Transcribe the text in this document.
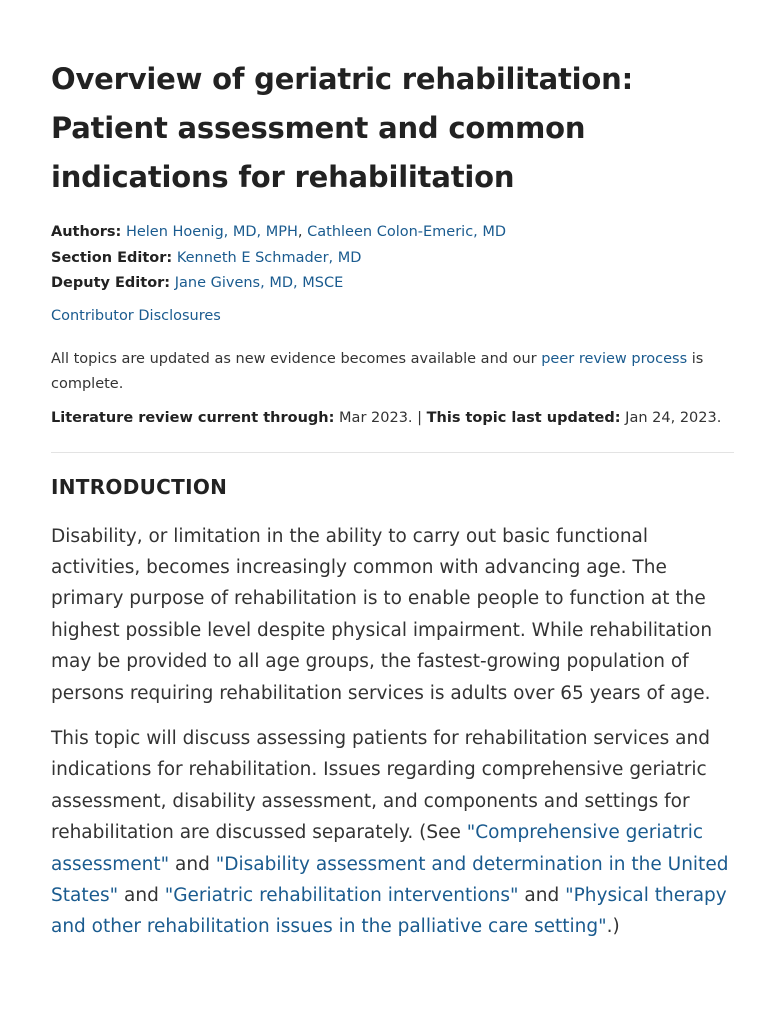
Overview of geriatric rehabilitation: Patient assessment and common indications for rehabilitation
Authors: Helen Hoenig, MD, MPH, Cathleen Colon-Emeric, MD
Section Editor: Kenneth E Schmader, MD
Deputy Editor: Jane Givens, MD, MSCE
Contributor Disclosures
All topics are updated as new evidence becomes available and our peer review process is complete.
Literature review current through: Mar 2023. | This topic last updated: Jan 24, 2023.
INTRODUCTION

Disability, or limitation in the ability to carry out basic functional activities, becomes increasingly common with advancing age. The primary purpose of rehabilitation is to enable people to function at the highest possible level despite physical impairment. While rehabilitation may be provided to all age groups, the fastest-growing population of persons requiring rehabilitation services is adults over 65 years of age.

This topic will discuss assessing patients for rehabilitation services and indications for rehabilitation. Issues regarding comprehensive geriatric assessment, disability assessment, and components and settings for rehabilitation are discussed separately. (See "Comprehensive geriatric assessment" and "Disability assessment and determination in the United States" and "Geriatric rehabilitation interventions" and "Physical therapy and other rehabilitation issues in the palliative care setting".)
